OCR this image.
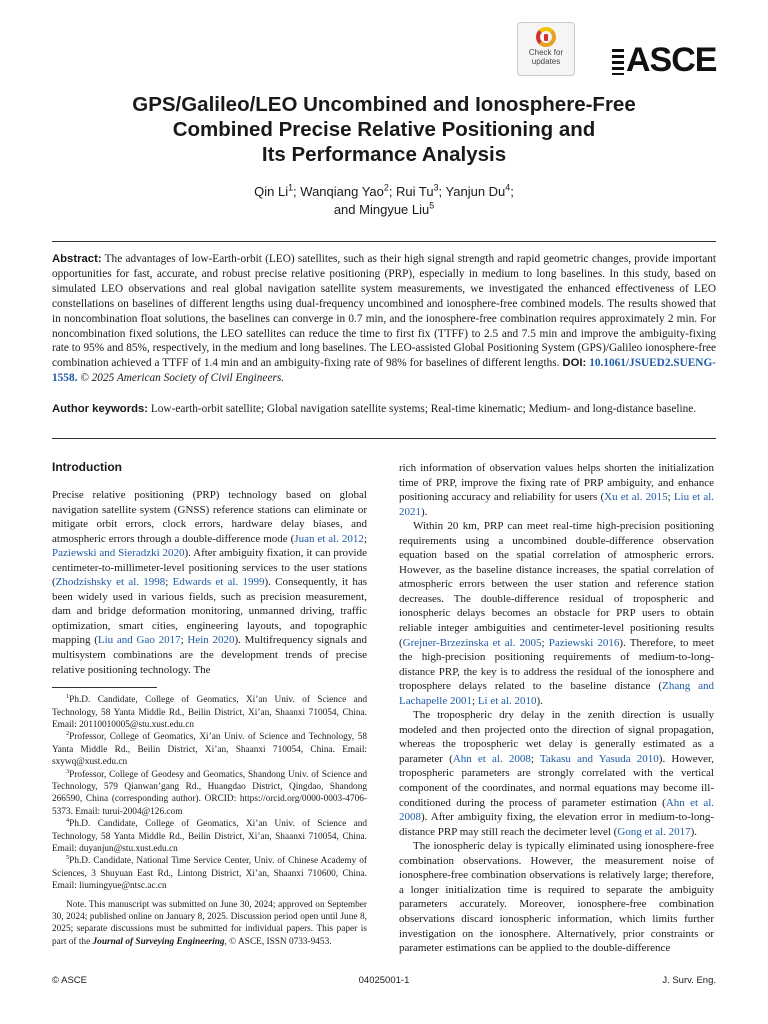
Check for
updates	ASCE
GPS/Galileo/LEO Uncombined and Ionosphere-Free
Combined Precise Relative Positioning and
Its Performance Analysis
Qin Li$^1$; Wanqiang Yao$^2$; Rui Tu$^3$; Yanjun Du$^4$;
and Mingyue Liu$^5$

Abstract: The advantages of low-Earth-orbit (LEO) satellites, such as their high signal strength and rapid geometric changes, provide important opportunities for fast, accurate, and robust precise relative positioning (PRP), especially in medium to long baselines. In this study, based on simulated LEO observations and real global navigation satellite system measurements, we investigated the enhanced effectiveness of LEO constellations on baselines of different lengths using dual-frequency uncombined and ionosphere-free combined models. The results showed that in noncombination float solutions, the baselines can converge in 0.7 min, and the ionosphere-free combination requires approximately 2 min. For noncombination fixed solutions, the LEO satellites can reduce the time to first fix (TTFF) to 2.5 and 7.5 min and improve the ambiguity-fixing rate to 95% and 85%, respectively, in the medium and long baselines. The LEO-assisted Global Positioning System (GPS)/Galileo ionosphere-free combination achieved a TTFF of 1.4 min and an ambiguity-fixing rate of 98% for baselines of different lengths. DOI: 10.1061/JSUED2.SUENG-1558. © 2025 American Society of Civil Engineers.

Author keywords: Low-earth-orbit satellite; Global navigation satellite systems; Real-time kinematic; Medium- and long-distance baseline.

Introduction

Precise relative positioning (PRP) technology based on global navigation satellite system (GNSS) reference stations can eliminate or mitigate orbit errors, clock errors, hardware delay biases, and atmospheric errors through a double-difference mode (Juan et al. 2012; Paziewski and Sieradzki 2020). After ambiguity fixation, it can provide centimeter-to-millimeter-level positioning services to the user stations (Zhodzishsky et al. 1998; Edwards et al. 1999). Consequently, it has been widely used in various fields, such as precision measurement, dam and bridge deformation monitoring, unmanned driving, traffic optimization, smart cities, engineering layouts, and topographic mapping (Liu and Gao 2017; Hein 2020). Multifrequency signals and multisystem combinations are the development trends of precise relative positioning technology. The

$^1$Ph.D. Candidate, College of Geomatics, Xi’an Univ. of Science and Technology, 58 Yanta Middle Rd., Beilin District, Xi’an, Shaanxi 710054, China. Email: 20110010005@stu.xust.edu.cn

$^2$Professor, College of Geomatics, Xi’an Univ. of Science and Technology, 58 Yanta Middle Rd., Beilin District, Xi’an, Shaanxi 710054, China. Email: sxywq@xust.edu.cn

$^3$Professor, College of Geodesy and Geomatics, Shandong Univ. of Science and Technology, 579 Qianwan’gang Rd., Huangdao District, Qingdao, Shandong 266590, China (corresponding author). ORCID: https://orcid.org/0000-0003-4706-5373. Email: turui-2004@126.com

$^4$Ph.D. Candidate, College of Geomatics, Xi’an Univ. of Science and Technology, 58 Yanta Middle Rd., Beilin District, Xi’an, Shaanxi 710054, China. Email: duyanjun@stu.xust.edu.cn

$^5$Ph.D. Candidate, National Time Service Center, Univ. of Chinese Academy of Sciences, 3 Shuyuan East Rd., Lintong District, Xi’an, Shaanxi 710600, China. Email: liumingyue@ntsc.ac.cn

Note. This manuscript was submitted on June 30, 2024; approved on September 30, 2024; published online on January 8, 2025. Discussion period open until June 8, 2025; separate discussions must be submitted for individual papers. This paper is part of the Journal of Surveying Engineering, © ASCE, ISSN 0733-9453.

rich information of observation values helps shorten the initialization time of PRP, improve the fixing rate of PRP ambiguity, and enhance positioning accuracy and reliability for users (Xu et al. 2015; Liu et al. 2021).

Within 20 km, PRP can meet real-time high-precision positioning requirements using a uncombined double-difference observation equation based on the spatial correlation of atmospheric errors. However, as the baseline distance increases, the spatial correlation of atmospheric errors between the user station and reference station decreases. The double-difference residual of tropospheric and ionospheric delays becomes an obstacle for PRP users to obtain reliable integer ambiguities and centimeter-level positioning results (Grejner-Brzezinska et al. 2005; Paziewski 2016). Therefore, to meet the high-precision positioning requirements of medium-to-long-distance PRP, the key is to address the residual of the ionosphere and troposphere delays related to the baseline distance (Zhang and Lachapelle 2001; Li et al. 2010).

The tropospheric dry delay in the zenith direction is usually modeled and then projected onto the direction of signal propagation, whereas the tropospheric wet delay is generally estimated as a parameter (Ahn et al. 2008; Takasu and Yasuda 2010). However, tropospheric parameters are strongly correlated with the vertical component of the coordinates, and normal equations may become ill-conditioned during the process of parameter estimation (Ahn et al. 2008). After ambiguity fixing, the elevation error in medium-to-long-distance PRP may still reach the decimeter level (Gong et al. 2017).

The ionospheric delay is typically eliminated using ionosphere-free combination observations. However, the measurement noise of ionosphere-free combination observations is relatively large; therefore, a longer initialization time is required to separate the ambiguity parameters accurately. Moreover, ionosphere-free combination observations discard ionospheric information, which limits further investigation on the ionosphere. Alternatively, prior constraints or parameter estimations can be applied to the double-difference

© ASCE	04025001-1	J. Surv. Eng.
